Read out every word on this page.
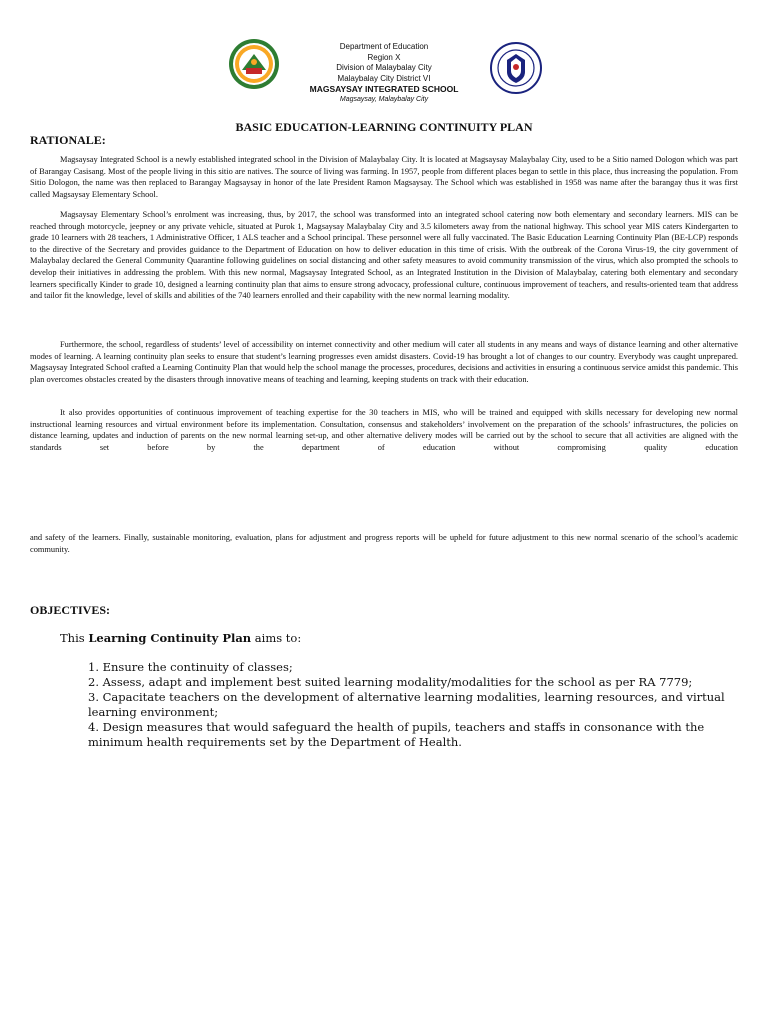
Department of Education
Region X
Division of Malaybalay City
Malaybalay City District VI
MAGSAYSAY INTEGRATED SCHOOL
Magsaysay, Malaybalay City
BASIC EDUCATION-LEARNING CONTINUITY PLAN
RATIONALE:

Magsaysay Integrated School is a newly established integrated school in the Division of Malaybalay City. It is located at Magsaysay Malaybalay City, used to be a Sitio named Dologon which was part of Barangay Casisang. Most of the people living in this sitio are natives. The source of living was farming. In 1957, people from different places began to settle in this place, thus increasing the population. From Sitio Dologon, the name was then replaced to Barangay Magsaysay in honor of the late President Ramon Magsaysay. The School which was established in 1958 was name after the barangay thus it was first called Magsaysay Elementary School.

Magsaysay Elementary School’s enrolment was increasing, thus, by 2017, the school was transformed into an integrated school catering now both elementary and secondary learners. MIS can be reached through motorcycle, jeepney or any private vehicle, situated at Purok 1, Magsaysay Malaybalay City and 3.5 kilometers away from the national highway. This school year MIS caters Kindergarten to grade 10 learners with 28 teachers, 1 Administrative Officer, 1 ALS teacher and a School principal. These personnel were all fully vaccinated. The Basic Education Learning Continuity Plan (BE-LCP) responds to the directive of the Secretary and provides guidance to the Department of Education on how to deliver education in this time of crisis. With the outbreak of the Corona Virus-19, the city government of Malaybalay declared the General Community Quarantine following guidelines on social distancing and other safety measures to avoid community transmission of the virus, which also prompted the schools to develop their initiatives in addressing the problem. With this new normal, Magsaysay Integrated School, as an Integrated Institution in the Division of Malaybalay, catering both elementary and secondary learners specifically Kinder to grade 10, designed a learning continuity plan that aims to ensure strong advocacy, professional culture, continuous improvement of teachers, and results-oriented team that address and tailor fit the knowledge, level of skills and abilities of the 740 learners enrolled and their capability with the new normal learning modality.

Furthermore, the school, regardless of students’ level of accessibility on internet connectivity and other medium will cater all students in any means and ways of distance learning and other alternative modes of learning. A learning continuity plan seeks to ensure that student’s learning progresses even amidst disasters. Covid-19 has brought a lot of changes to our country. Everybody was caught unprepared. Magsaysay Integrated School crafted a Learning Continuity Plan that would help the school manage the processes, procedures, decisions and activities in ensuring a continuous service amidst this pandemic. This plan overcomes obstacles created by the disasters through innovative means of teaching and learning, keeping students on track with their education.

It also provides opportunities of continuous improvement of teaching expertise for the 30 teachers in MIS, who will be trained and equipped with skills necessary for developing new normal instructional learning resources and virtual environment before its implementation. Consultation, consensus and stakeholders’ involvement on the preparation of the schools’ infrastructures, the policies on distance learning, updates and induction of parents on the new normal learning set-up, and other alternative delivery modes will be carried out by the school to secure that all activities are aligned with the standards set before by the department of education without compromising quality education

and safety of the learners. Finally, sustainable monitoring, evaluation, plans for adjustment and progress reports will be upheld for future adjustment to this new normal scenario of the school’s academic community.

OBJECTIVES:
This Learning Continuity Plan aims to:
1. Ensure the continuity of classes;
2. Assess, adapt and implement best suited learning modality/modalities for the school as per RA 7779;
3. Capacitate teachers on the development of alternative learning modalities, learning resources, and virtual learning environment;
4. Design measures that would safeguard the health of pupils, teachers and staffs in consonance with the minimum health requirements set by the Department of Health.
